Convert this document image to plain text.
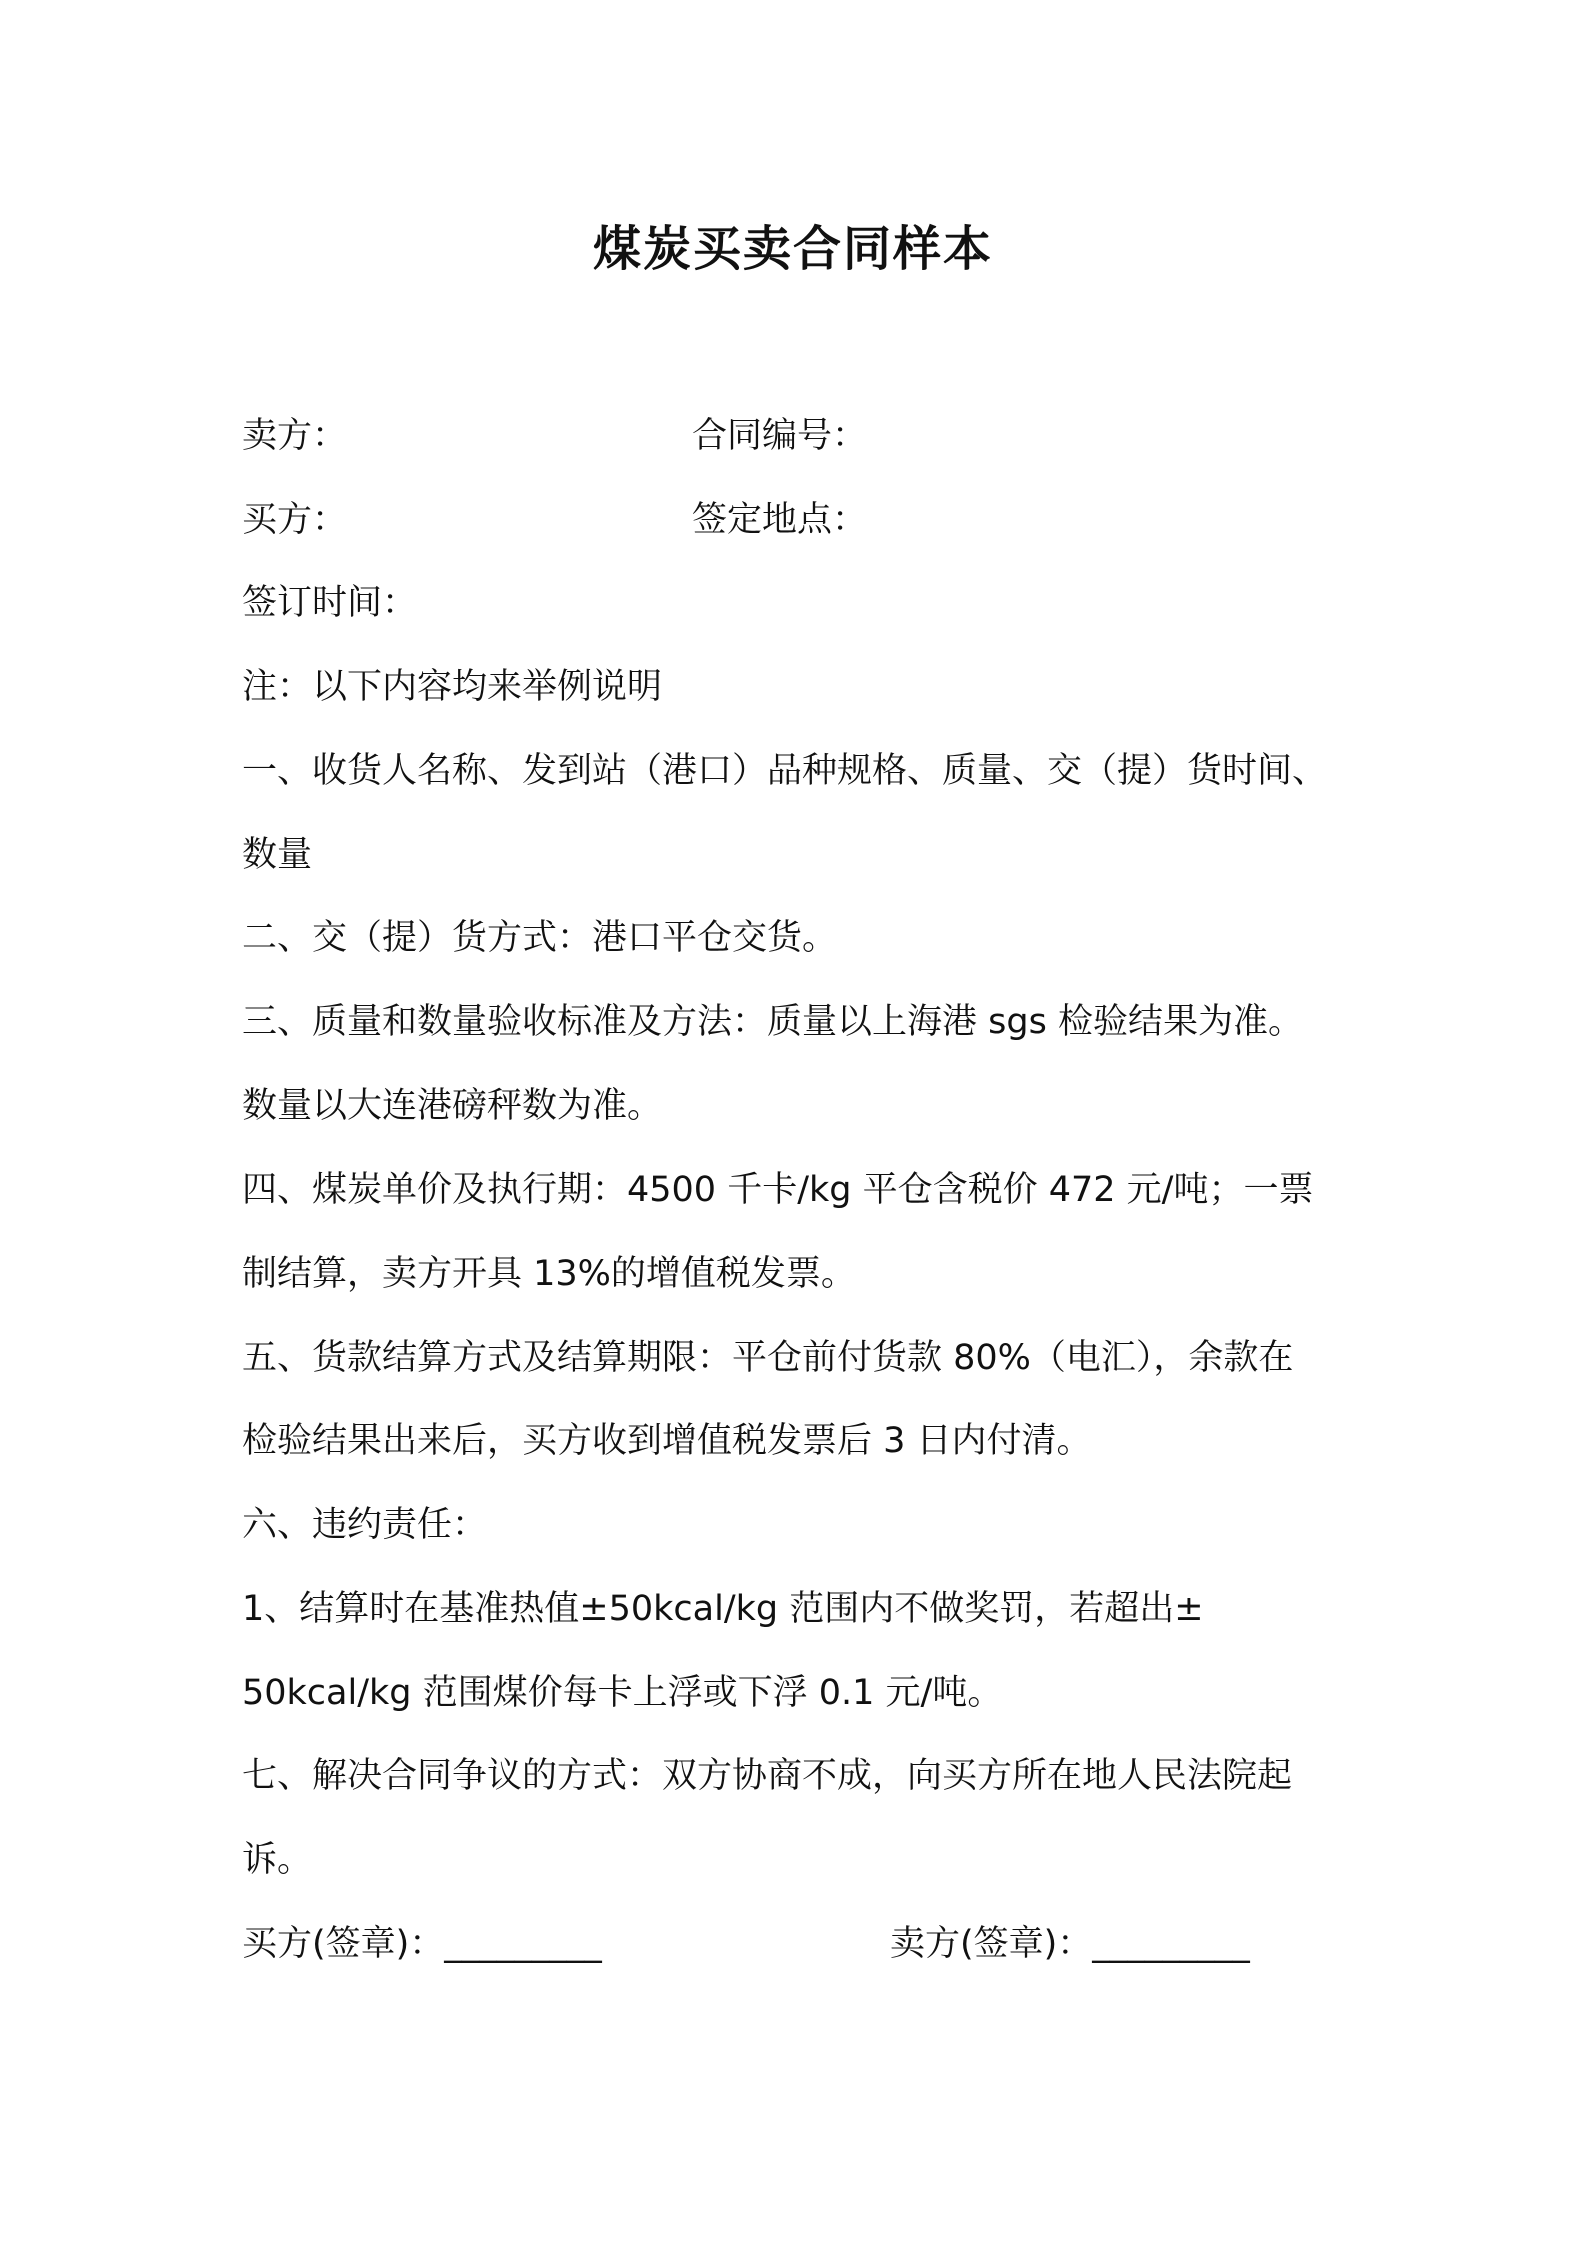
煤炭买卖合同样本
卖方：	合同编号：
买方：	签定地点：
签订时间：
注：以下内容均来举例说明
一、收货人名称、发到站（港口）品种规格、质量、交（提）货时间、
数量
二、交（提）货方式：港口平仓交货。
三、质量和数量验收标准及方法：质量以上海港 sgs 检验结果为准。
数量以大连港磅秤数为准。
四、煤炭单价及执行期：4500 千卡/kg 平仓含税价 472 元/吨；一票
制结算，卖方开具 13%的增值税发票。
五、货款结算方式及结算期限：平仓前付货款 80%（电汇），余款在
检验结果出来后，买方收到增值税发票后 3 日内付清。
六、违约责任：
1、结算时在基准热值±50kcal/kg 范围内不做奖罚，若超出±
50kcal/kg 范围煤价每卡上浮或下浮 0.1 元/吨。
七、解决合同争议的方式：双方协商不成，向买方所在地人民法院起
诉。
买方(签章)：_________	卖方(签章)：_________
